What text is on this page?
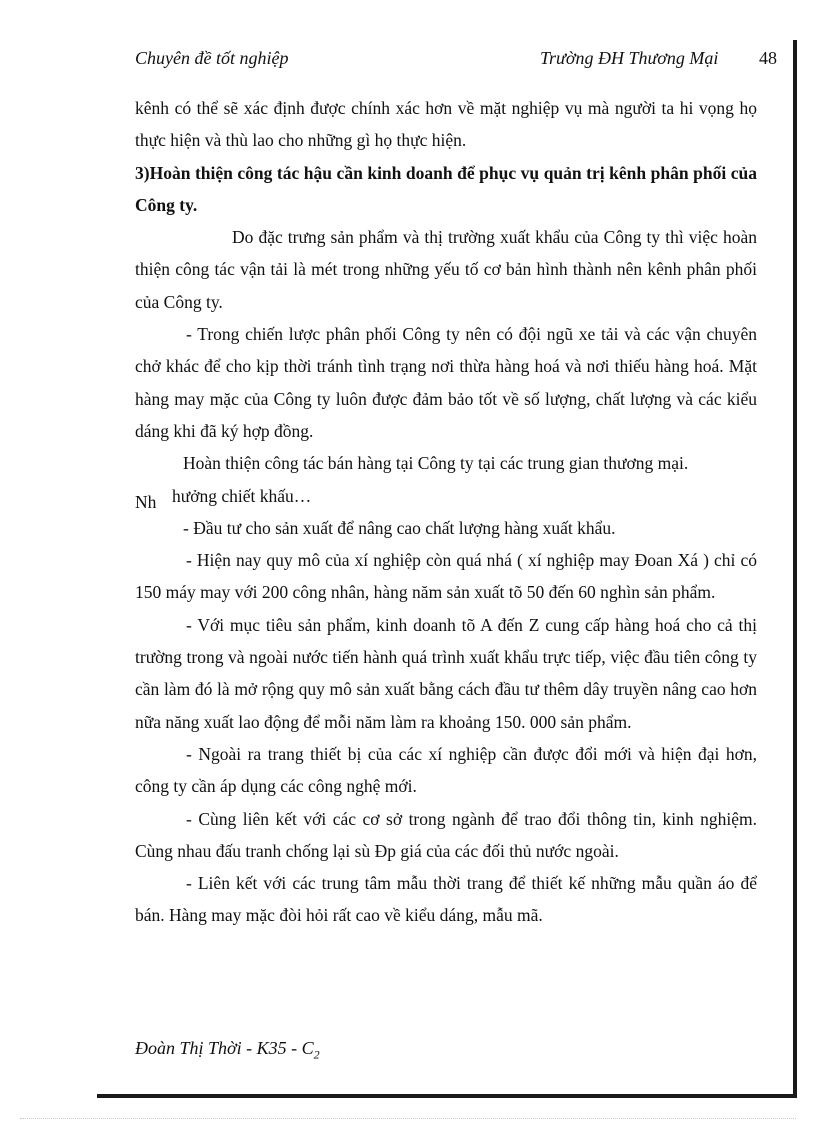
Chuyên đề tốt nghiệp	Trường ĐH Thương Mại 48

kênh có thể sẽ xác định được chính xác hơn về mặt nghiệp vụ mà người ta hi vọng họ thực hiện và thù lao cho những gì họ thực hiện.

3)Hoàn thiện công tác hậu cần kinh doanh để phục vụ quản trị kênh phân phối của Công ty.

Do đặc trưng sản phẩm và thị trường xuất khẩu của Công ty thì việc hoàn thiện công tác vận tải là mét trong những yếu tố cơ bản hình thành nên kênh phân phối của Công ty.

- Trong chiến lược phân phối Công ty nên có đội ngũ xe tải và các vận chuyên chở khác để cho kịp thời tránh tình trạng nơi thừa hàng hoá và nơi thiếu hàng hoá. Mặt hàng may mặc của Công ty luôn được đảm bảo tốt về số lượng, chất lượng và các kiểu dáng khi đã ký hợp đồng.

Hoàn thiện công tác bán hàng tại Công ty tại các trung gian thương mại.

Nh hưởng chiết khấu…

- Đầu tư cho sản xuất để nâng cao chất lượng hàng xuất khẩu.

- Hiện nay quy mô của xí nghiệp còn quá nhá ( xí nghiệp may Đoan Xá ) chỉ có 150 máy may với 200 công nhân, hàng năm sản xuất tõ 50 đến 60 nghìn sản phẩm.

- Với mục tiêu sản phẩm, kinh doanh tõ A đến Z cung cấp hàng hoá cho cả thị trường trong và ngoài nước tiến hành quá trình xuất khẩu trực tiếp, việc đầu tiên công ty cần làm đó là mở rộng quy mô sản xuất bằng cách đầu tư thêm dây truyền nâng cao hơn nữa năng xuất lao động để mỗi năm làm ra khoảng 150. 000 sản phẩm.

- Ngoài ra trang thiết bị của các xí nghiệp cần được đổi mới và hiện đại hơn, công ty cần áp dụng các công nghệ mới.

- Cùng liên kết với các cơ sở trong ngành để trao đổi thông tin, kinh nghiệm. Cùng nhau đấu tranh chống lại sù Đp giá của các đối thủ nước ngoài.

- Liên kết với các trung tâm mẫu thời trang để thiết kế những mẫu quần áo để bán. Hàng may mặc đòi hỏi rất cao về kiểu dáng, mẫu mã.

Đoàn Thị Thời - $K35 - C_2$
